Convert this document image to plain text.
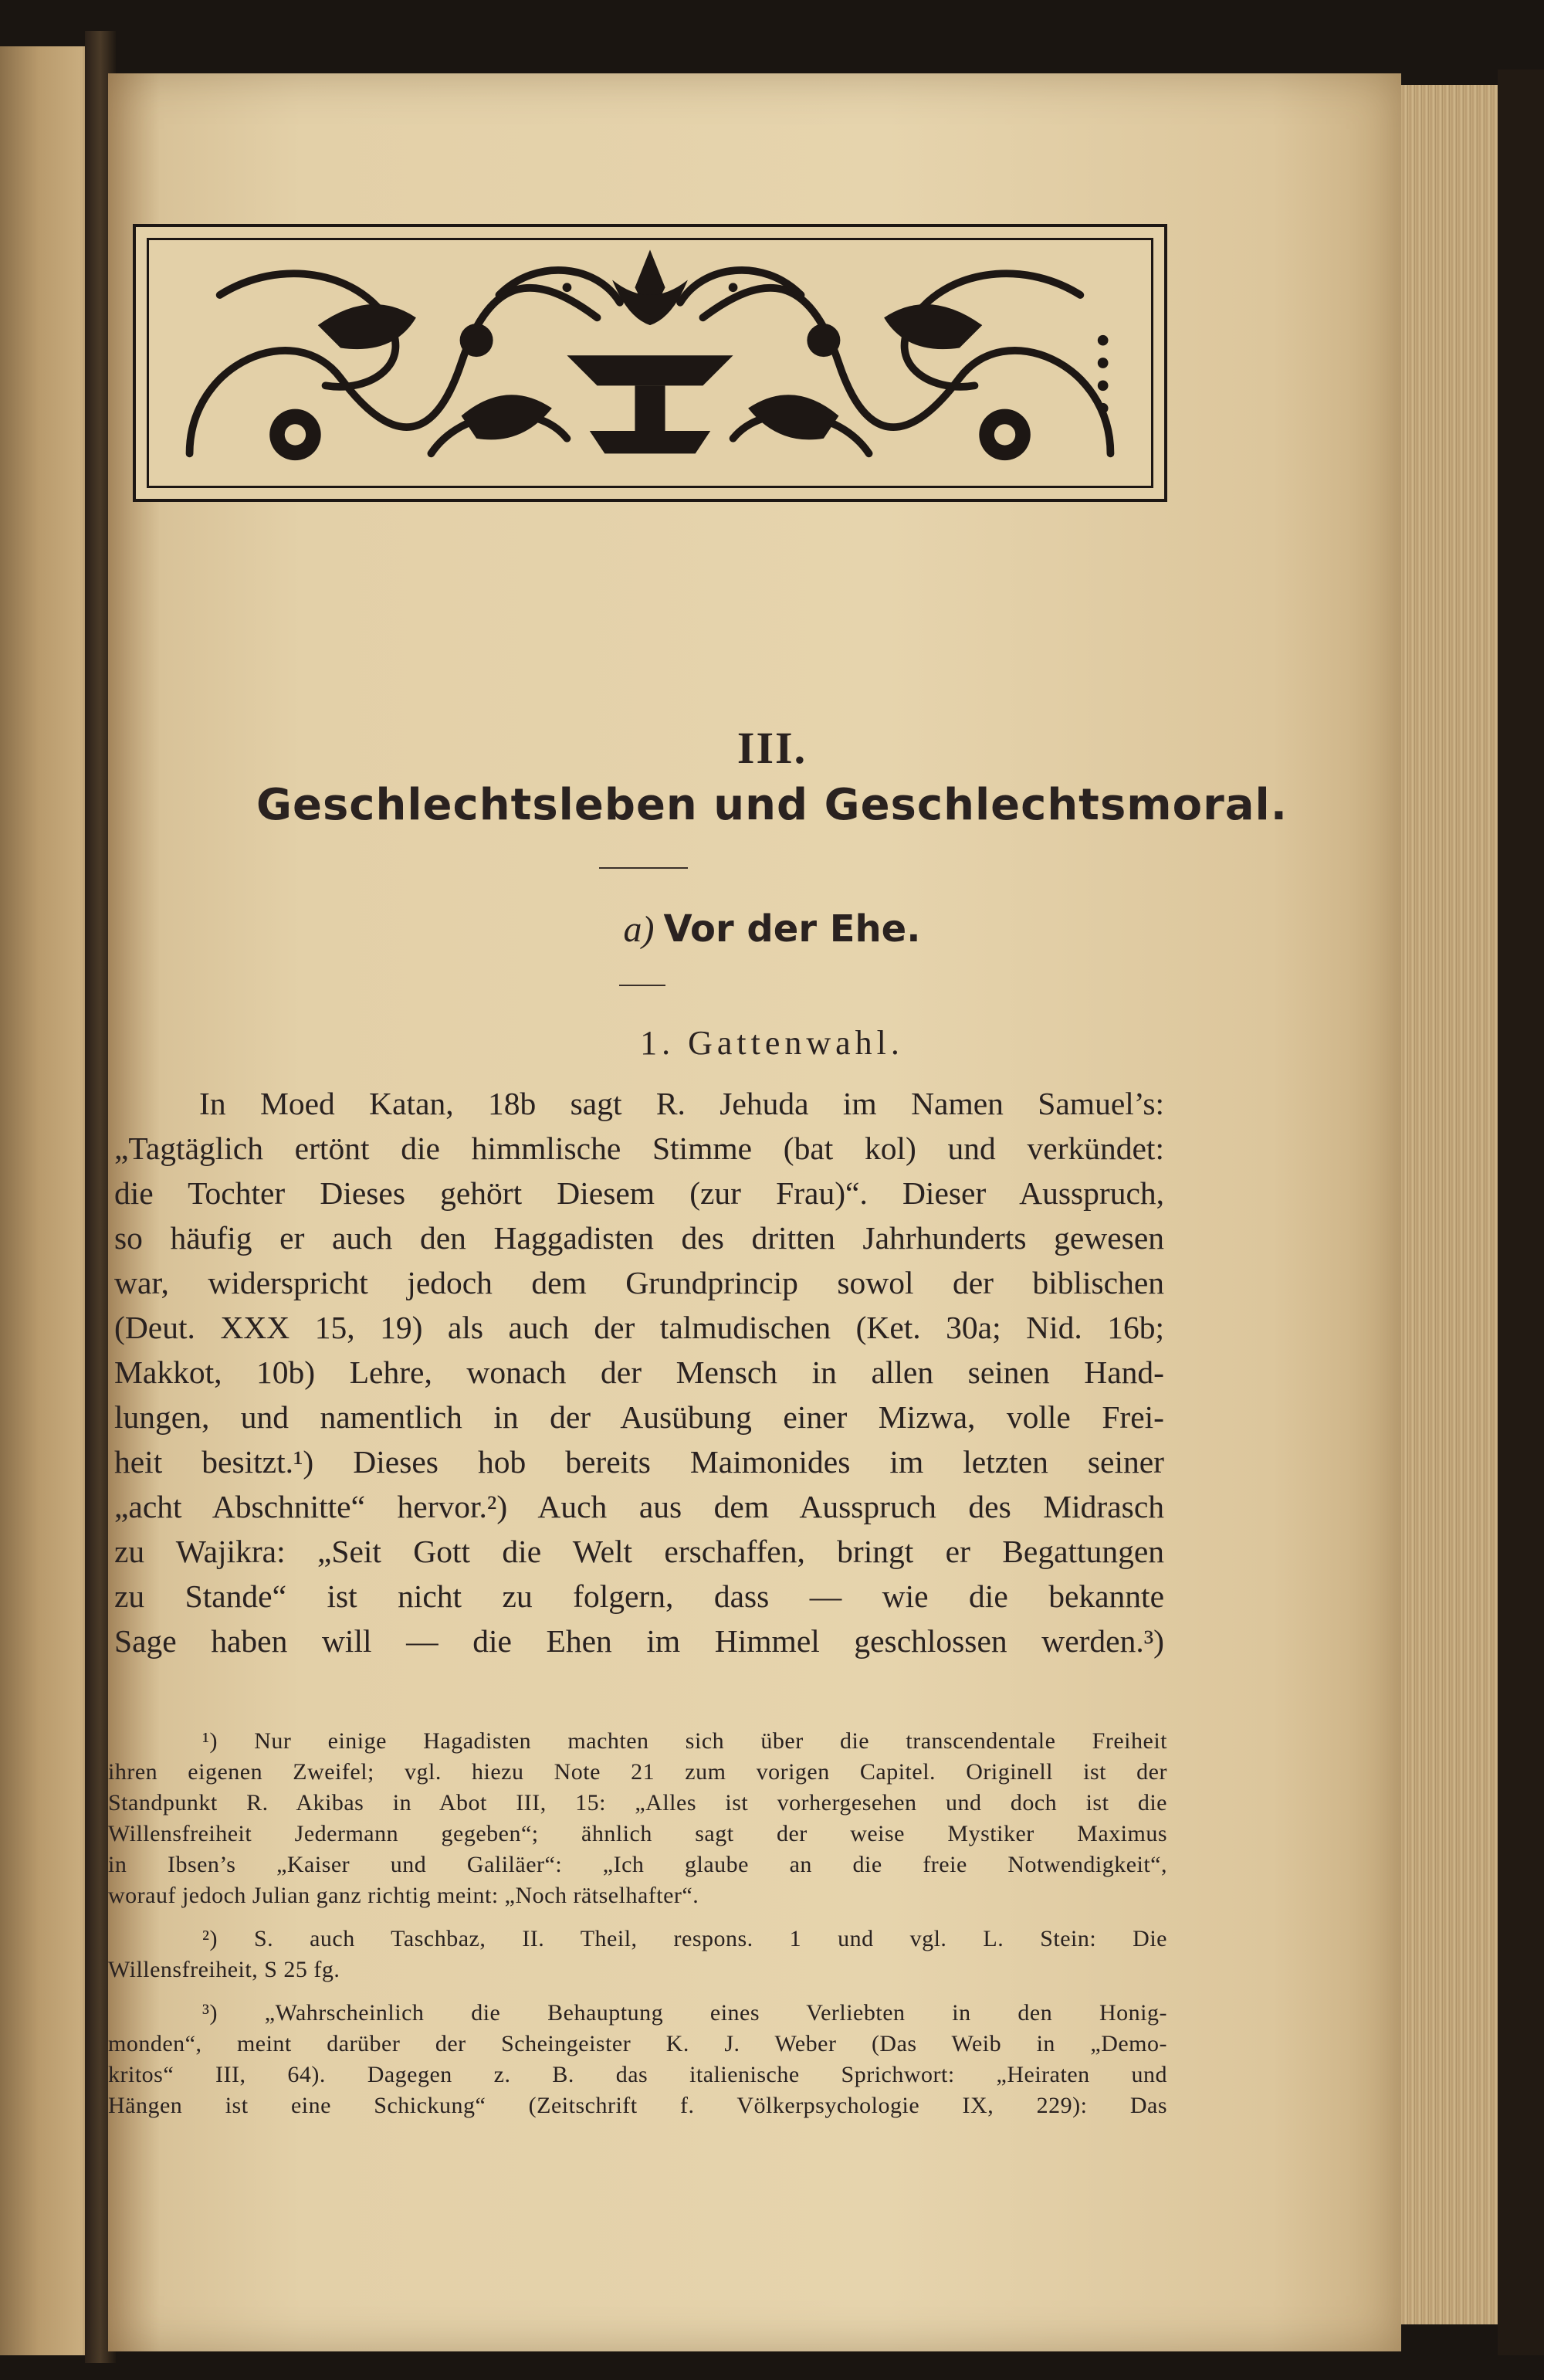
III.
Geschlechtsleben und Geschlechtsmoral.
a) Vor der Ehe.
1. Gattenwahl.
In Moed Katan, 18b sagt R. Jehuda im Namen Samuel’s:
„Tagtäglich ertönt die himmlische Stimme (bat kol) und verkündet:
die Tochter Dieses gehört Diesem (zur Frau)“. Dieser Ausspruch,
so häufig er auch den Haggadisten des dritten Jahrhunderts gewesen
war, widerspricht jedoch dem Grundprincip sowol der biblischen
(Deut. XXX 15, 19) als auch der talmudischen (Ket. 30a; Nid. 16b;
Makkot, 10b) Lehre, wonach der Mensch in allen seinen Hand-
lungen, und namentlich in der Ausübung einer Mizwa, volle Frei-
heit besitzt.¹) Dieses hob bereits Maimonides im letzten seiner
„acht Abschnitte“ hervor.²) Auch aus dem Ausspruch des Midrasch
zu Wajikra: „Seit Gott die Welt erschaffen, bringt er Begattungen
zu Stande“ ist nicht zu folgern, dass — wie die bekannte
Sage haben will — die Ehen im Himmel geschlossen werden.³)
¹) Nur einige Hagadisten machten sich über die transcendentale Freiheit
ihren eigenen Zweifel; vgl. hiezu Note 21 zum vorigen Capitel. Originell ist der
Standpunkt R. Akibas in Abot III, 15: „Alles ist vorhergesehen und doch ist die
Willensfreiheit Jedermann gegeben“; ähnlich sagt der weise Mystiker Maximus
in Ibsen’s „Kaiser und Galiläer“: „Ich glaube an die freie Notwendigkeit“,
worauf jedoch Julian ganz richtig meint: „Noch rätselhafter“.
²) S. auch Taschbaz, II. Theil, respons. 1 und vgl. L. Stein: Die
Willensfreiheit, S 25 fg.
³) „Wahrscheinlich die Behauptung eines Verliebten in den Honig-
monden“, meint darüber der Scheingeister K. J. Weber (Das Weib in „Demo-
kritos“ III, 64). Dagegen z. B. das italienische Sprichwort: „Heiraten und
Hängen ist eine Schickung“ (Zeitschrift f. Völkerpsychologie IX, 229): Das
